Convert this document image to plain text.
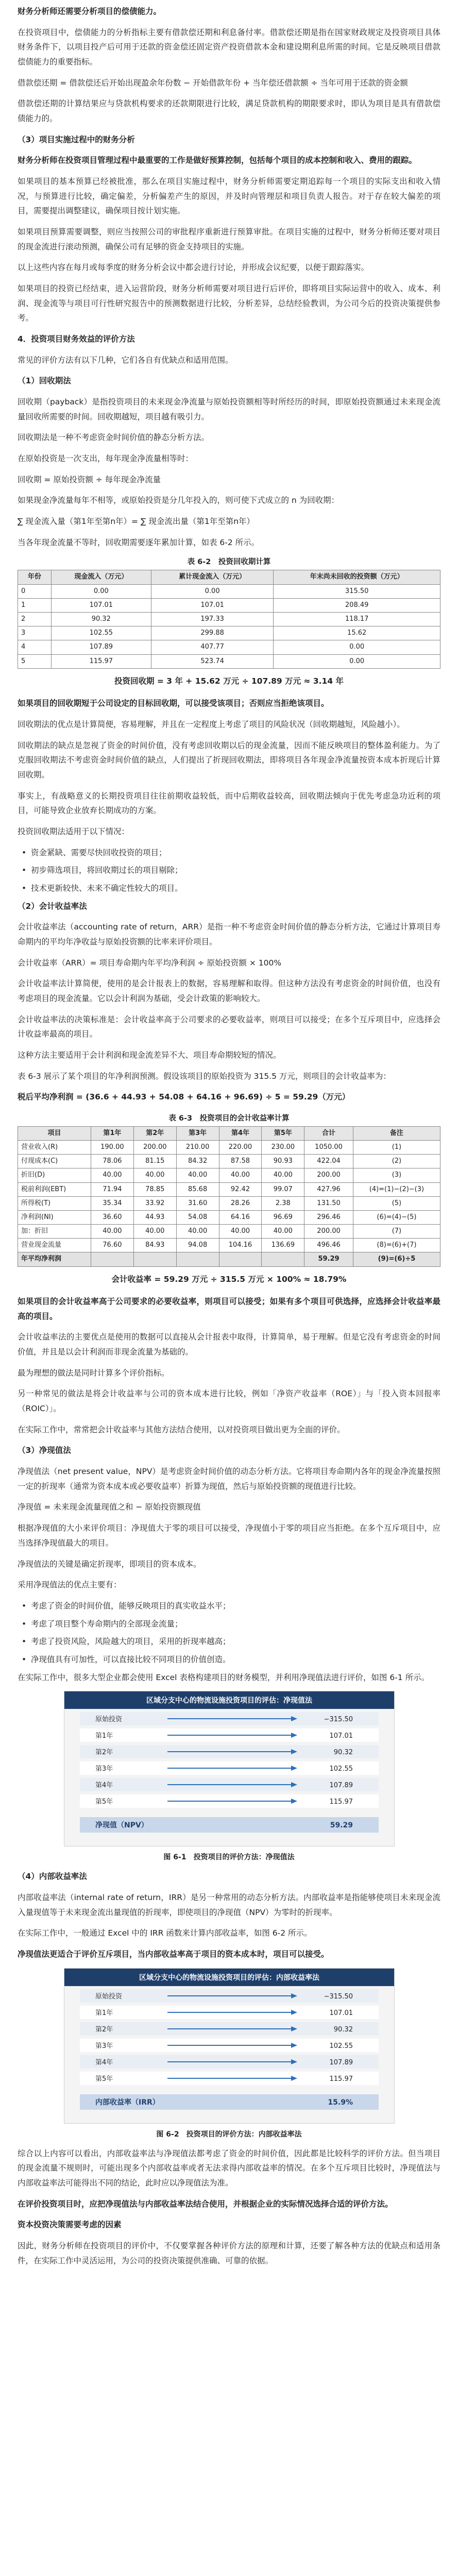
财务分析师还需要分析项目的偿债能力。

在投资项目中，偿债能力的分析指标主要有借款偿还期和利息备付率。借款偿还期是指在国家财政规定及投资项目具体财务条件下，以项目投产后可用于还款的资金偿还固定资产投资借款本金和建设期利息所需的时间。它是反映项目借款偿债能力的重要指标。

借款偿还期 = 借款偿还后开始出现盈余年份数 − 开始借款年份 + 当年偿还借款额 ÷ 当年可用于还款的资金额

借款偿还期的计算结果应与贷款机构要求的还款期限进行比较，满足贷款机构的期限要求时，即认为项目是具有借款偿债能力的。

（3）项目实施过程中的财务分析

财务分析师在投资项目管理过程中最重要的工作是做好预算控制，包括每个项目的成本控制和收入、费用的跟踪。

如果项目的基本预算已经被批准，那么在项目实施过程中，财务分析师需要定期追踪每一个项目的实际支出和收入情况，与预算进行比较，确定偏差，分析偏差产生的原因，并及时向管理层和项目负责人报告。对于存在较大偏差的项目，需要提出调整建议，确保项目按计划实施。

如果项目预算需要调整，则应当按照公司的审批程序重新进行预算审批。在项目实施的过程中，财务分析师还要对项目的现金流进行滚动预测，确保公司有足够的资金支持项目的实施。

以上这些内容在每月或每季度的财务分析会议中都会进行讨论，并形成会议纪要，以便于跟踪落实。

如果项目的投资已经结束，进入运营阶段，财务分析师需要对项目进行后评价，即将项目实际运营中的收入、成本、利润、现金流等与项目可行性研究报告中的预测数据进行比较，分析差异，总结经验教训，为公司今后的投资决策提供参考。

4．投资项目财务效益的评价方法

常见的评价方法有以下几种，它们各自有优缺点和适用范围。

（1）回收期法

回收期（payback）是指投资项目的未来现金净流量与原始投资额相等时所经历的时间，即原始投资额通过未来现金流量回收所需要的时间。回收期越短，项目越有吸引力。

回收期法是一种不考虑资金时间价值的静态分析方法。

在原始投资是一次支出，每年现金净流量相等时：

回收期 = 原始投资额 ÷ 每年现金净流量

如果现金净流量每年不相等，或原始投资是分几年投入的，则可使下式成立的 n 为回收期：

∑ 现金流入量（第1年至第n年）= ∑ 现金流出量（第1年至第n年）

当各年现金流量不等时，回收期需要逐年累加计算，如表 6-2 所示。

表 6-2　投资回收期计算
年份	现金流入（万元）	累计现金流入（万元）	年末尚未回收的投资额（万元）
0	0.00	0.00	315.50
1	107.01	107.01	208.49
2	90.32	197.33	118.17
3	102.55	299.88	15.62
4	107.89	407.77	0.00
5	115.97	523.74	0.00

投资回收期 = 3 年 + 15.62 万元 ÷ 107.89 万元 ≈ 3.14 年

如果项目的回收期短于公司设定的目标回收期，可以接受该项目；否则应当拒绝该项目。

回收期法的优点是计算简便，容易理解，并且在一定程度上考虑了项目的风险状况（回收期越短，风险越小）。

回收期法的缺点是忽视了资金的时间价值，没有考虑回收期以后的现金流量，因而不能反映项目的整体盈利能力。为了克服回收期法不考虑资金时间价值的缺点，人们提出了折现回收期法，即将项目各年现金净流量按资本成本折现后计算回收期。

事实上，有战略意义的长期投资项目往往前期收益较低，而中后期收益较高，回收期法倾向于优先考虑急功近利的项目，可能导致企业放弃长期成功的方案。

投资回收期法适用于以下情况：

• 资金紧缺、需要尽快回收投资的项目；

• 初步筛选项目，将回收期过长的项目剔除；

• 技术更新较快、未来不确定性较大的项目。

（2）会计收益率法

会计收益率法（accounting rate of return，ARR）是指一种不考虑资金时间价值的静态分析方法，它通过计算项目寿命期内的平均年净收益与原始投资额的比率来评价项目。

会计收益率（ARR）= 项目寿命期内年平均净利润 ÷ 原始投资额 × 100%

会计收益率法计算简便，使用的是会计报表上的数据，容易理解和取得。但这种方法没有考虑资金的时间价值，也没有考虑项目的现金流量。它以会计利润为基础，受会计政策的影响较大。

会计收益率法的决策标准是：会计收益率高于公司要求的必要收益率，则项目可以接受；在多个互斥项目中，应选择会计收益率最高的项目。

这种方法主要适用于会计利润和现金流差异不大、项目寿命期较短的情况。

表 6-3 展示了某个项目的年净利润预测。假设该项目的原始投资为 315.5 万元，则项目的会计收益率为：

税后平均净利润 = (36.6 + 44.93 + 54.08 + 64.16 + 96.69) ÷ 5 = 59.29（万元）

表 6-3　投资项目的会计收益率计算
项目	第1年	第2年	第3年	第4年	第5年	合计	备注
营业收入(R)	190.00	200.00	210.00	220.00	230.00	1050.00	(1)
付现成本(C)	78.06	81.15	84.32	87.58	90.93	422.04	(2)
折旧(D)	40.00	40.00	40.00	40.00	40.00	200.00	(3)
税前利润(EBT)	71.94	78.85	85.68	92.42	99.07	427.96	(4)=(1)−(2)−(3)
所得税(T)	35.34	33.92	31.60	28.26	2.38	131.50	(5)
净利润(NI)	36.60	44.93	54.08	64.16	96.69	296.46	(6)=(4)−(5)
加：折旧	40.00	40.00	40.00	40.00	40.00	200.00	(7)
营业现金流量	76.60	84.93	94.08	104.16	136.69	496.46	(8)=(6)+(7)
年平均净利润						59.29	(9)=(6)÷5

会计收益率 = 59.29 万元 ÷ 315.5 万元 × 100% ≈ 18.79%

如果项目的会计收益率高于公司要求的必要收益率，则项目可以接受；如果有多个项目可供选择，应选择会计收益率最高的项目。

会计收益率法的主要优点是使用的数据可以直接从会计报表中取得，计算简单，易于理解。但是它没有考虑资金的时间价值，并且是以会计利润而非现金流量为基础的。

最为理想的做法是同时计算多个评价指标。

另一种常见的做法是将会计收益率与公司的资本成本进行比较，例如「净资产收益率（ROE）」与「投入资本回报率（ROIC）」。

在实际工作中，常常把会计收益率与其他方法结合使用，以对投资项目做出更为全面的评价。

（3）净现值法

净现值法（net present value，NPV）是考虑资金时间价值的动态分析方法。它将项目寿命期内各年的现金净流量按照一定的折现率（通常为资本成本或必要收益率）折算为现值，然后与原始投资额的现值进行比较。

净现值 = 未来现金流量现值之和 − 原始投资额现值

根据净现值的大小来评价项目：净现值大于零的项目可以接受，净现值小于零的项目应当拒绝。在多个互斥项目中，应当选择净现值最大的项目。

净现值法的关键是确定折现率，即项目的资本成本。

采用净现值法的优点主要有：

• 考虑了资金的时间价值，能够反映项目的真实收益水平；

• 考虑了项目整个寿命期内的全部现金流量；

• 考虑了投资风险，风险越大的项目，采用的折现率越高；

• 净现值具有可加性，可以直接比较不同项目的价值创造。

在实际工作中，很多大型企业都会使用 Excel 表格构建项目的财务模型，并利用净现值法进行评价，如图 6-1 所示。

区域分支中心的物流设施投资项目的评估：净现值法
原始投资	−315.50
第1年	107.01
第2年	90.32
第3年	102.55
第4年	107.89
第5年	115.97
净现值（NPV）	59.29
图 6-1　投资项目的评价方法：净现值法

（4）内部收益率法

内部收益率法（internal rate of return，IRR）是另一种常用的动态分析方法。内部收益率是指能够使项目未来现金流入量现值等于未来现金流出量现值的折现率，即使项目的净现值（NPV）为零时的折现率。

在实际工作中，一般通过 Excel 中的 IRR 函数来计算内部收益率，如图 6-2 所示。

净现值法更适合于评价互斥项目，当内部收益率高于项目的资本成本时，项目可以接受。

区域分支中心的物流设施投资项目的评估：内部收益率法
原始投资	−315.50
第1年	107.01
第2年	90.32
第3年	102.55
第4年	107.89
第5年	115.97
内部收益率（IRR）	15.9%
图 6-2　投资项目的评价方法：内部收益率法

综合以上内容可以看出，内部收益率法与净现值法都考虑了资金的时间价值，因此都是比较科学的评价方法。但当项目的现金流量不规则时，可能出现多个内部收益率或者无法求得内部收益率的情况。在多个互斥项目比较时，净现值法与内部收益率法可能得出不同的结论，此时应以净现值法为准。

在评价投资项目时，应把净现值法与内部收益率法结合使用，并根据企业的实际情况选择合适的评价方法。

资本投资决策需要考虑的因素

因此，财务分析师在投资项目的评价中，不仅要掌握各种评价方法的原理和计算，还要了解各种方法的优缺点和适用条件，在实际工作中灵活运用，为公司的投资决策提供准确、可靠的依据。
